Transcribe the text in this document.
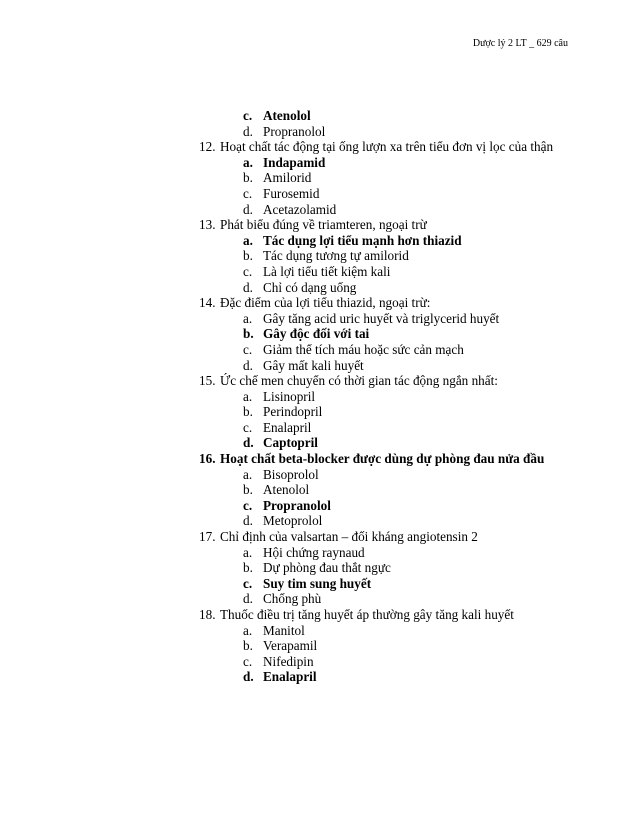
Dược lý 2 LT _ 629 câu
c. Atenolol
d. Propranolol
12. Hoạt chất tác động tại ống lượn xa trên tiểu đơn vị lọc của thận
a. Indapamid
b. Amilorid
c. Furosemid
d. Acetazolamid
13. Phát biểu đúng về triamteren, ngoại trừ
a. Tác dụng lợi tiểu mạnh hơn thiazid
b. Tác dụng tương tự amilorid
c. Là lợi tiểu tiết kiệm kali
d. Chỉ có dạng uống
14. Đặc điểm của lợi tiểu thiazid, ngoại trừ:
a. Gây tăng acid uric huyết và triglycerid huyết
b. Gây độc đối với tai
c. Giảm thể tích máu hoặc sức cản mạch
d. Gây mất kali huyết
15. Ức chế men chuyển có thời gian tác động ngắn nhất:
a. Lisinopril
b. Perindopril
c. Enalapril
d. Captopril
16. Hoạt chất beta-blocker được dùng dự phòng đau nửa đầu
a. Bisoprolol
b. Atenolol
c. Propranolol
d. Metoprolol
17. Chỉ định của valsartan – đối kháng angiotensin 2
a. Hội chứng raynaud
b. Dự phòng đau thắt ngực
c. Suy tim sung huyết
d. Chống phù
18. Thuốc điều trị tăng huyết áp thường gây tăng kali huyết
a. Manitol
b. Verapamil
c. Nifedipin
d. Enalapril
